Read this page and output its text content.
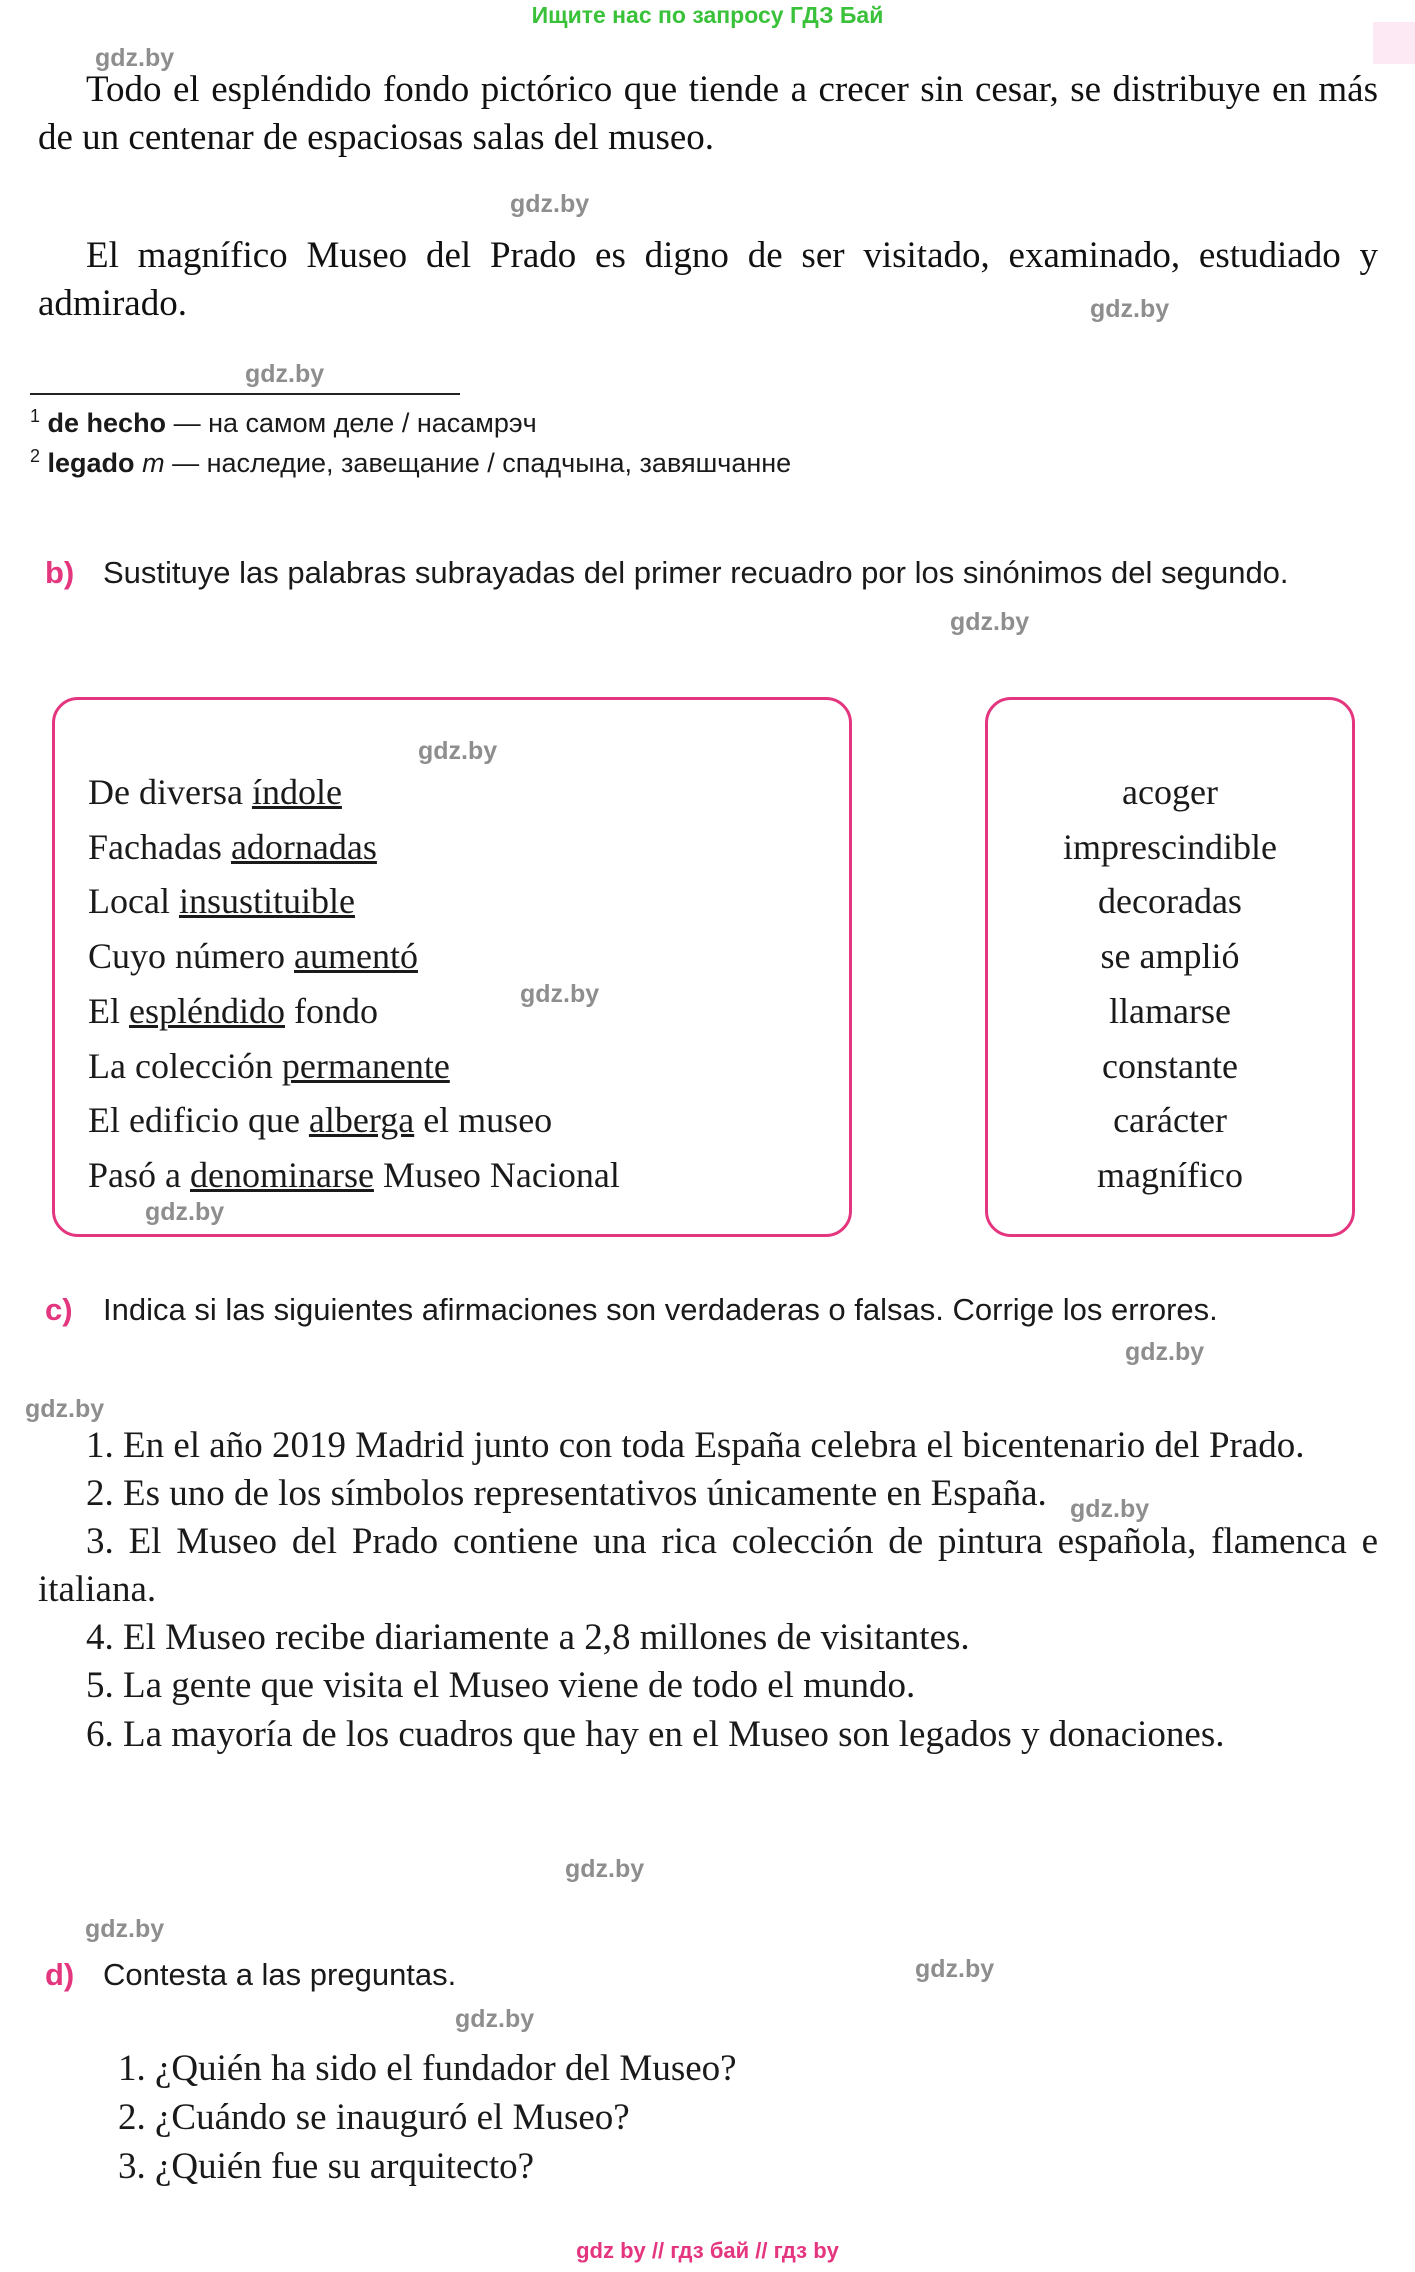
Ищите нас по запросу ГДЗ Бай
gdz.by
gdz.by
gdz.by
gdz.by
gdz.by
gdz.by
gdz.by
gdz.by
gdz.by
gdz.by
gdz.by
gdz.by
gdz.by
gdz.by
gdz.by
Todo el espléndido fondo pictórico que tiende a crecer sin cesar, se distribuye en más de un centenar de espaciosas salas del museo.
El magnífico Museo del Prado es digno de ser visitado, examinado, estudiado y admirado.
$^1$ de hecho — на самом деле / насамрэч
$^2$ legado m — наследие, завещание / спадчына, завяшчанне
b) Sustituye las palabras subrayadas del primer recuadro por los sinónimos del segundo.
De diversa índole
Fachadas adornadas
Local insustituible
Cuyo número aumentó
El espléndido fondo
La colección permanente
El edificio que alberga el museo
Pasó a denominarse Museo Nacional
acoger
imprescindible
decoradas
se amplió
llamarse
constante
carácter
magnífico
c) Indica si las siguientes afirmaciones son verdaderas o falsas. Corrige los errores.

1. En el año 2019 Madrid junto con toda España celebra el bicentenario del Prado.

2. Es uno de los símbolos representativos únicamente en España.

3. El Museo del Prado contiene una rica colección de pintura española, flamenca e italiana.

4. El Museo recibe diariamente a 2,8 millones de visitantes.

5. La gente que visita el Museo viene de todo el mundo.

6. La mayoría de los cuadros que hay en el Museo son legados y donaciones.

d) Contesta a las preguntas.

1. ¿Quién ha sido el fundador del Museo?

2. ¿Cuándo se inauguró el Museo?

3. ¿Quién fue su arquitecto?

gdz by // гдз бай // гдз by
